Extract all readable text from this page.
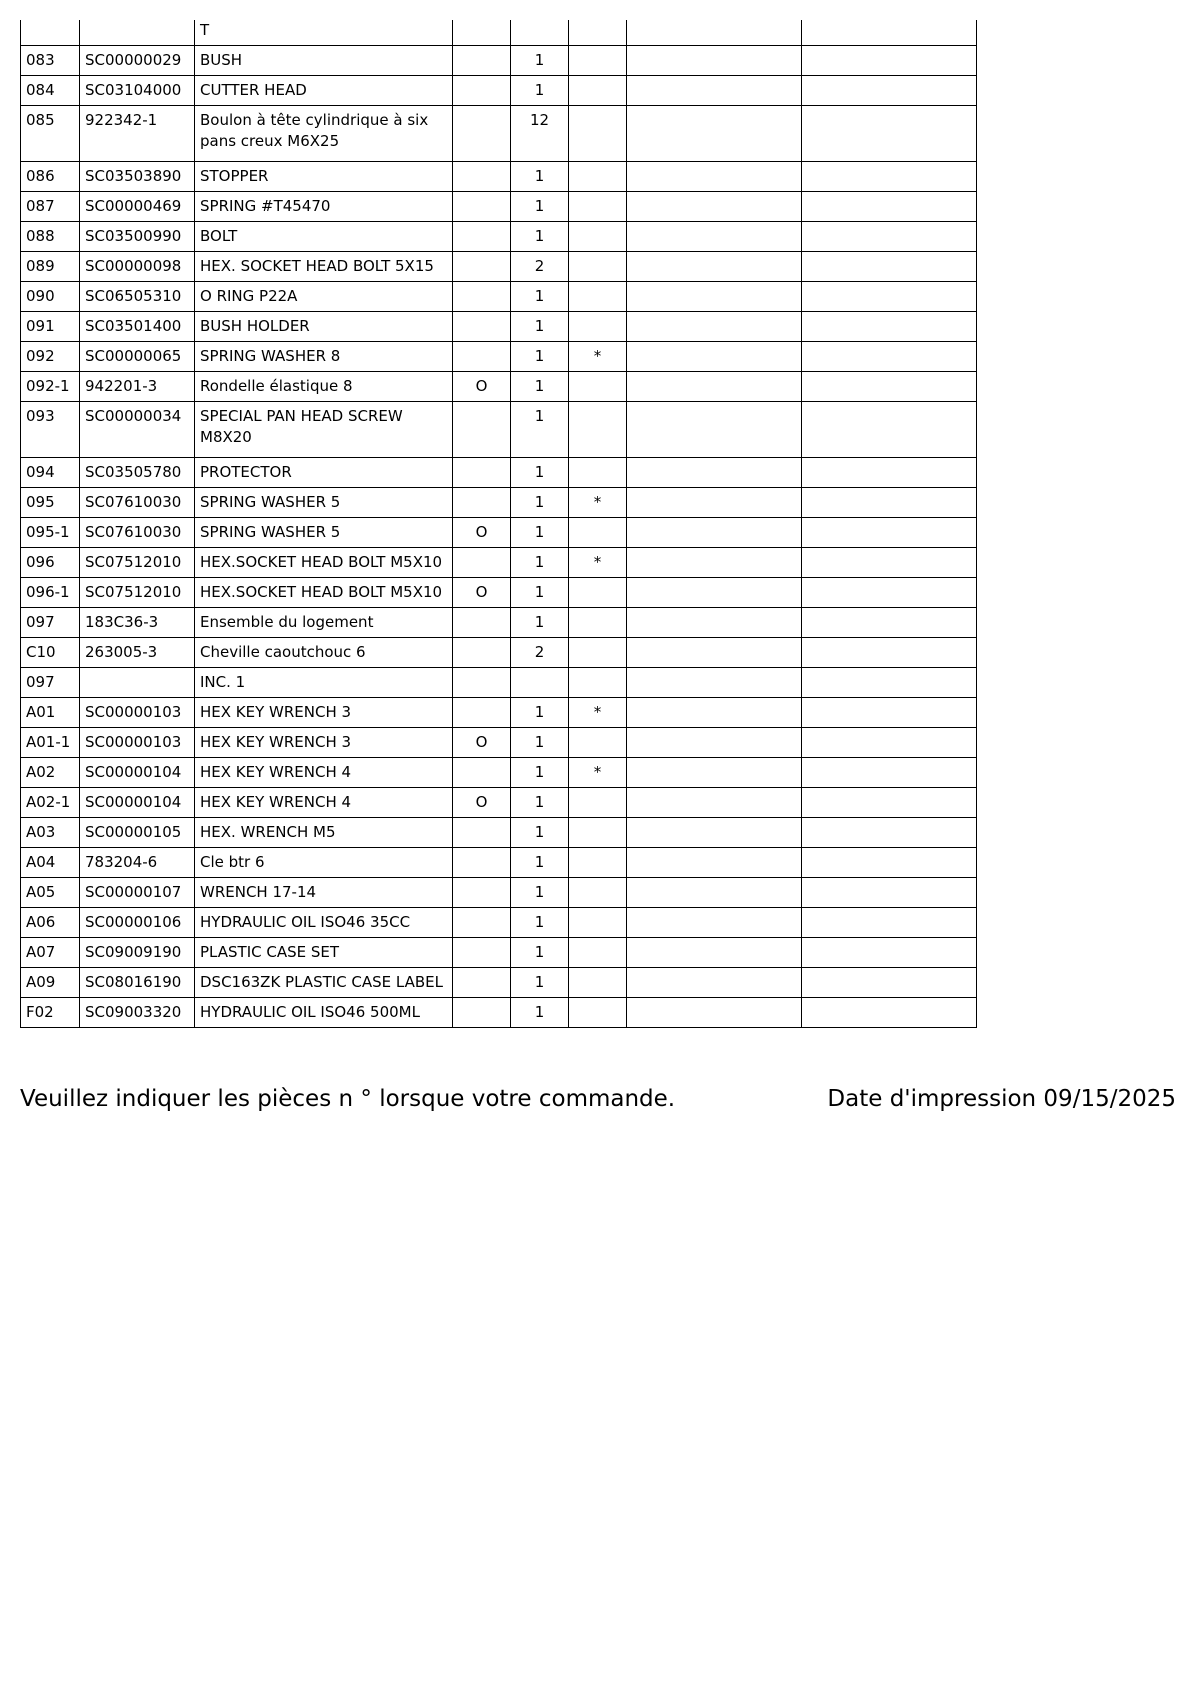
		T					
083	SC00000029	BUSH		1			
084	SC03104000	CUTTER HEAD		1			
085	922342-1	Boulon à tête cylindrique à six pans creux M6X25		12			
086	SC03503890	STOPPER		1			
087	SC00000469	SPRING #T45470		1			
088	SC03500990	BOLT		1			
089	SC00000098	HEX. SOCKET HEAD BOLT 5X15		2			
090	SC06505310	O RING P22A		1			
091	SC03501400	BUSH HOLDER		1			
092	SC00000065	SPRING WASHER 8		1	*		
092-1	942201-3	Rondelle élastique 8	O	1			
093	SC00000034	SPECIAL PAN HEAD SCREW M8X20		1			
094	SC03505780	PROTECTOR		1			
095	SC07610030	SPRING WASHER 5		1	*		
095-1	SC07610030	SPRING WASHER 5	O	1			
096	SC07512010	HEX.SOCKET HEAD BOLT M5X10		1	*		
096-1	SC07512010	HEX.SOCKET HEAD BOLT M5X10	O	1			
097	183C36-3	Ensemble du logement		1			
C10	263005-3	Cheville caoutchouc 6		2			
097		INC. 1					
A01	SC00000103	HEX KEY WRENCH 3		1	*		
A01-1	SC00000103	HEX KEY WRENCH 3	O	1			
A02	SC00000104	HEX KEY WRENCH 4		1	*		
A02-1	SC00000104	HEX KEY WRENCH 4	O	1			
A03	SC00000105	HEX. WRENCH M5		1			
A04	783204-6	Cle btr 6		1			
A05	SC00000107	WRENCH 17-14		1			
A06	SC00000106	HYDRAULIC OIL ISO46 35CC		1			
A07	SC09009190	PLASTIC CASE SET		1			
A09	SC08016190	DSC163ZK PLASTIC CASE LABEL		1			
F02	SC09003320	HYDRAULIC OIL ISO46 500ML		1			
Veuillez indiquer les pièces n ° lorsque votre commande.	Date d'impression 09/15/2025
